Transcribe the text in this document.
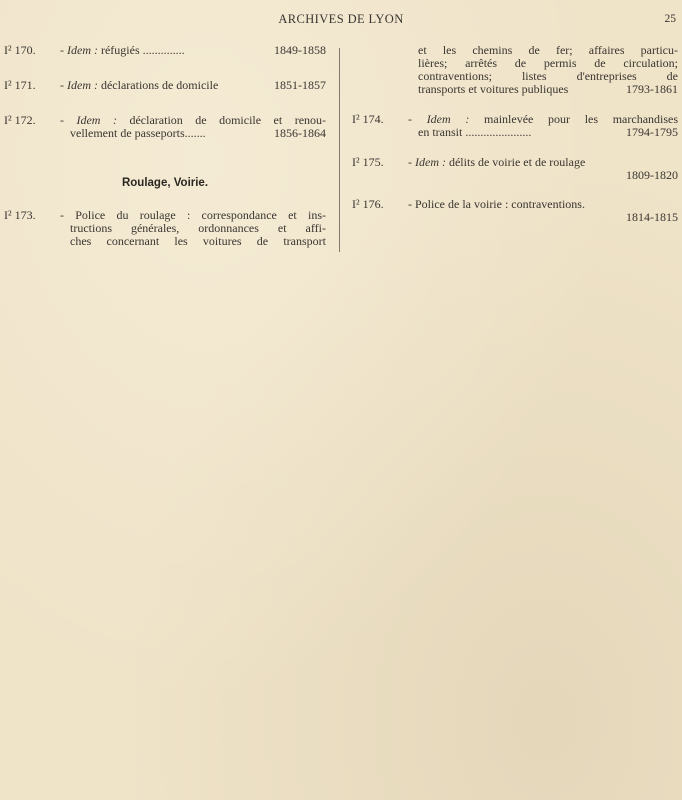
ARCHIVES DE LYON	25
I² 170.	- Idem : réfugiés ..............	1849-1858
I² 171.	- Idem : déclarations de domicile	1851-1857
I² 172.	- Idem : déclaration de domicile et renou-
vellement de passeports.......	1856-1864
Roulage, Voirie.
I² 173.	- Police du roulage : correspondance et ins-
tructions générales, ordonnances et affi-
ches concernant les voitures de transport
et les chemins de fer; affaires particu-
lières; arrêtés de permis de circulation;
contraventions; listes d'entreprises de
transports et voitures publiques	1793-1861
I² 174.	- Idem : mainlevée pour les marchandises
en transit ......................	1794-1795
I² 175.	- Idem : délits de voirie et de roulage
1809-1820
I² 176.	- Police de la voirie : contraventions.
1814-1815
